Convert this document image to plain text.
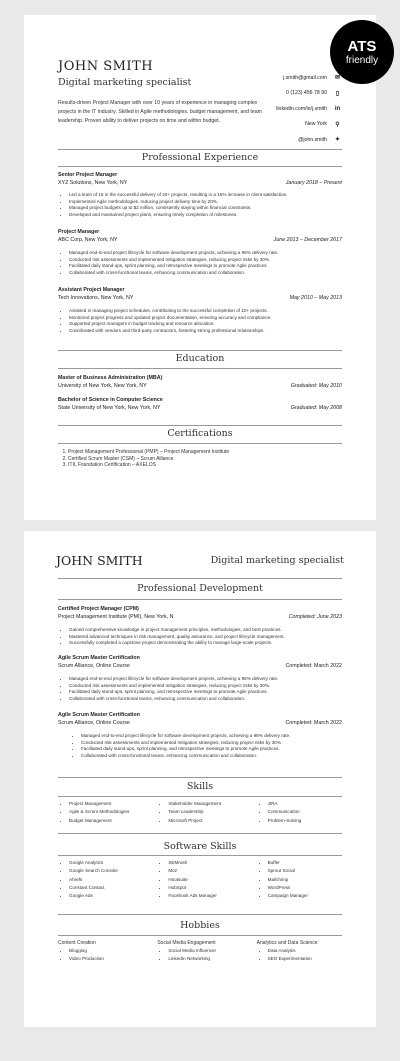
JOHN SMITH
Digital marketing specialist
Results-driven Project Manager with over 10 years of experience in managing complex projects in the IT industry. Skilled in Agile methodologies, budget management, and team leadership. Proven ability to deliver projects on time and within budget.
j.smith@gmail.com	✉
0 (123) 456 78 90	▯
linkedin.com/in/j.smith	in
New York	⚲
@john.smith	✦
Professional Experience
Senior Project Manager
XYZ Solutions, New York, NY	January 2018 – Present
• Led a team of 15 in the successful delivery of 20+ projects, resulting in a 15% increase in client satisfaction.
• Implemented Agile methodologies, reducing project delivery time by 20%.
• Managed project budgets up to $2 million, consistently staying within financial constraints.
• Developed and maintained project plans, ensuring timely completion of milestones.
Project Manager
ABC Corp, New York, NY	June 2013 – December 2017
• Managed end-to-end project lifecycle for software development projects, achieving a 98% delivery rate.
• Conducted risk assessments and implemented mitigation strategies, reducing project risks by 30%.
• Facilitated daily stand-ups, sprint planning, and retrospective meetings to promote Agile practices.
• Collaborated with cross-functional teams, enhancing communication and collaboration.
Assistant Project Manager
Tech Innovations, New York, NY	May 2010 – May 2013
• Assisted in managing project schedules, contributing to the successful completion of 10+ projects.
• Monitored project progress and updated project documentation, ensuring accuracy and compliance.
• Supported project managers in budget tracking and resource allocation.
• Coordinated with vendors and third-party contractors, fostering strong professional relationships.
Education
Master of Business Administration (MBA)
University of New York, New York, NY	Graduated: May 2010
Bachelor of Science in Computer Science
State University of New York, New York, NY	Graduated: May 2008
Certifications
1. Project Management Professional (PMP) – Project Management Institute
2. Certified Scrum Master (CSM) – Scrum Alliance
3. ITIL Foundation Certification – AXELOS
ATS
friendly
JOHN SMITH	Digital marketing specialist
Professional Development
Certified Project Manager (CPM)
Project Management Institute (PMI), New York, N	Completed: June 2023
• Gained comprehensive knowledge in project management principles, methodologies, and best practices.
• Mastered advanced techniques in risk management, quality assurance, and project lifecycle management.
• Successfully completed a capstone project demonstrating the ability to manage large-scale projects.
Agile Scrum Master Certification
Scrum Alliance, Online Course	Completed: March 2022
• Managed end-to-end project lifecycle for software development projects, achieving a 98% delivery rate.
• Conducted risk assessments and implemented mitigation strategies, reducing project risks by 30%.
• Facilitated daily stand-ups, sprint planning, and retrospective meetings to promote Agile practices.
• Collaborated with cross-functional teams, enhancing communication and collaboration.
Agile Scrum Master Certification
Scrum Alliance, Online Course	Completed: March 2022
• Managed end-to-end project lifecycle for software development projects, achieving a 98% delivery rate.
• Conducted risk assessments and implemented mitigation strategies, reducing project risks by 30%.
• Facilitated daily stand-ups, sprint planning, and retrospective meetings to promote Agile practices.
• Collaborated with cross-functional teams, enhancing communication and collaboration.
Skills
• Project Management
• Agile & Scrum Methodologies
• Budget Management
• Stakeholder Management
• Team Leadership
• Microsoft Project
• JIRA
• Communication
• Problem-Solving
Software Skills
• Google Analytics
• Google Search Console
• Ahrefs
• Constant Contact
• Google Ads
• SEMrush
• Moz
• Hootsuite
• HubSpot
• Facebook Ads Manager
• Buffer
• Sprout Social
• Mailchimp
• WordPress
• Campaign Manager
Hobbies
Content Creation
• Blogging
• Video Production
Social Media Engagement
• Social Media Influencer
• LinkedIn Networking
Analytics and Data Science
• Data Analysis
• SEO Experimentation
